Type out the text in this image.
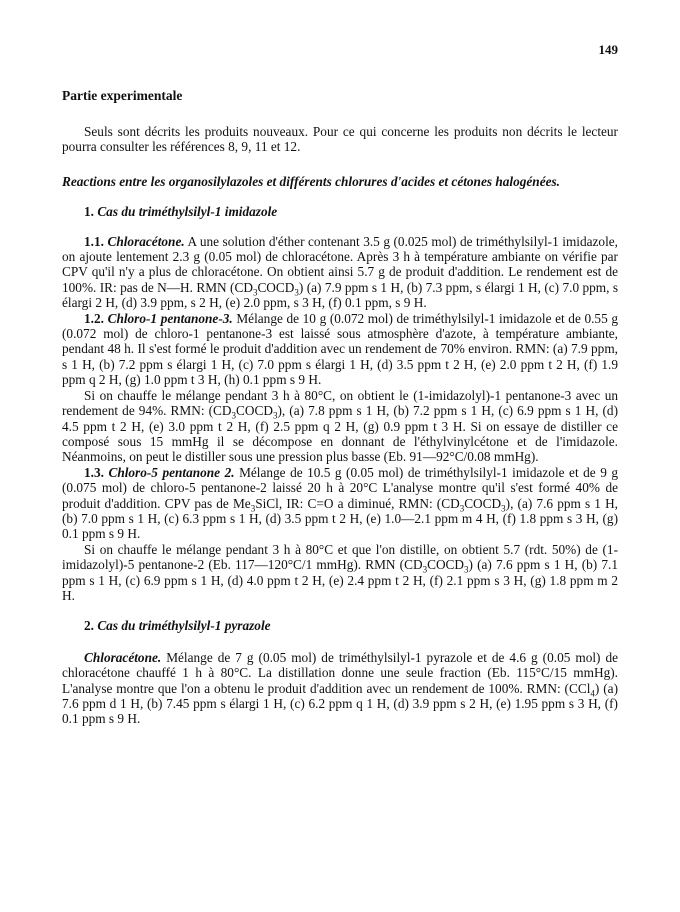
149
Partie experimentale

Seuls sont décrits les produits nouveaux. Pour ce qui concerne les produits non décrits le lecteur pourra consulter les références 8, 9, 11 et 12.

Reactions entre les organosilylazoles et différents chlorures d'acides et cétones halogénées.

1. Cas du triméthylsilyl-1 imidazole

1.1. Chloracétone. A une solution d'éther contenant 3.5 g (0.025 mol) de triméthylsilyl-1 imidazole, on ajoute lentement 2.3 g (0.05 mol) de chloracétone. Après 3 h à température ambiante on vérifie par CPV qu'il n'y a plus de chloracétone. On obtient ainsi 5.7 g de produit d'addition. Le rendement est de 100%. IR: pas de N—H. RMN $(CD_3COCD_3)$ (a) 7.9 ppm s 1 H, (b) 7.3 ppm, s élargi 1 H, (c) 7.0 ppm, s élargi 2 H, (d) 3.9 ppm, s 2 H, (e) 2.0 ppm, s 3 H, (f) 0.1 ppm, s 9 H.

1.2. Chloro-1 pentanone-3. Mélange de 10 g (0.072 mol) de triméthylsilyl-1 imidazole et de 0.55 g (0.072 mol) de chloro-1 pentanone-3 est laissé sous atmosphère d'azote, à température ambiante, pendant 48 h. Il s'est formé le produit d'addition avec un rendement de 70% environ. RMN: (a) 7.9 ppm, s 1 H, (b) 7.2 ppm s élargi 1 H, (c) 7.0 ppm s élargi 1 H, (d) 3.5 ppm t 2 H, (e) 2.0 ppm t 2 H, (f) 1.9 ppm q 2 H, (g) 1.0 ppm t 3 H, (h) 0.1 ppm s 9 H.

Si on chauffe le mélange pendant 3 h à 80°C, on obtient le (1-imidazolyl)-1 pentanone-3 avec un rendement de 94%. RMN: $(CD_3COCD_3)$, (a) 7.8 ppm s 1 H, (b) 7.2 ppm s 1 H, (c) 6.9 ppm s 1 H, (d) 4.5 ppm t 2 H, (e) 3.0 ppm t 2 H, (f) 2.5 ppm q 2 H, (g) 0.9 ppm t 3 H. Si on essaye de distiller ce composé sous 15 mmHg il se décompose en donnant de l'éthylvinylcétone et de l'imidazole. Néanmoins, on peut le distiller sous une pression plus basse (Eb. 91—92°C/0.08 mmHg).

1.3. Chloro-5 pentanone 2. Mélange de 10.5 g (0.05 mol) de triméthylsilyl-1 imidazole et de 9 g (0.075 mol) de chloro-5 pentanone-2 laissé 20 h à 20°C L'analyse montre qu'il s'est formé 40% de produit d'addition. CPV pas de $Me_3SiCl$, IR: C=O a diminué, RMN: $(CD_3COCD_3)$, (a) 7.6 ppm s 1 H, (b) 7.0 ppm s 1 H, (c) 6.3 ppm s 1 H, (d) 3.5 ppm t 2 H, (e) 1.0—2.1 ppm m 4 H, (f) 1.8 ppm s 3 H, (g) 0.1 ppm s 9 H.

Si on chauffe le mélange pendant 3 h à 80°C et que l'on distille, on obtient 5.7 (rdt. 50%) de (1-imidazolyl)-5 pentanone-2 (Eb. 117—120°C/1 mmHg). RMN $(CD_3COCD_3)$ (a) 7.6 ppm s 1 H, (b) 7.1 ppm s 1 H, (c) 6.9 ppm s 1 H, (d) 4.0 ppm t 2 H, (e) 2.4 ppm t 2 H, (f) 2.1 ppm s 3 H, (g) 1.8 ppm m 2 H.

2. Cas du triméthylsilyl-1 pyrazole

Chloracétone. Mélange de 7 g (0.05 mol) de triméthylsilyl-1 pyrazole et de 4.6 g (0.05 mol) de chloracétone chauffé 1 h à 80°C. La distillation donne une seule fraction (Eb. 115°C/15 mmHg). L'analyse montre que l'on a obtenu le produit d'addition avec un rendement de 100%. RMN: (CCl$_4$) (a) 7.6 ppm d 1 H, (b) 7.45 ppm s élargi 1 H, (c) 6.2 ppm q 1 H, (d) 3.9 ppm s 2 H, (e) 1.95 ppm s 3 H, (f) 0.1 ppm s 9 H.
